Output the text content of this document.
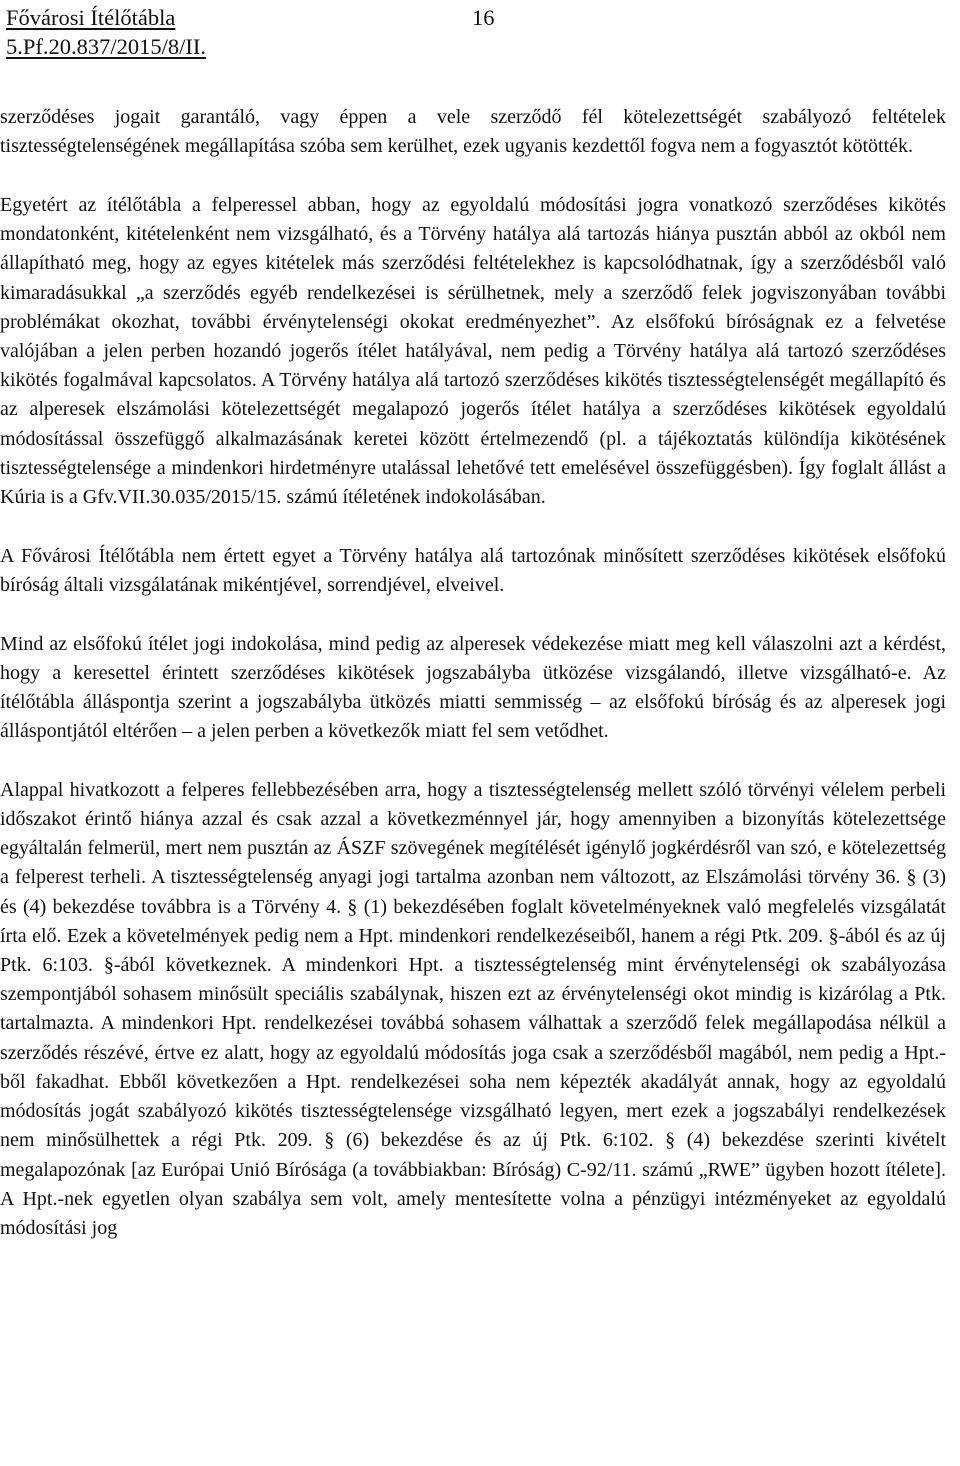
Fővárosi Ítélőtábla	16
5.Pf.20.837/2015/8/II.

szerződéses jogait garantáló, vagy éppen a vele szerződő fél kötelezettségét szabályozó feltételek tisztességtelenségének megállapítása szóba sem kerülhet, ezek ugyanis kezdettől fogva nem a fogyasztót kötötték.

Egyetért az ítélőtábla a felperessel abban, hogy az egyoldalú módosítási jogra vonatkozó szerződéses kikötés mondatonként, kitételenként nem vizsgálható, és a Törvény hatálya alá tartozás hiánya pusztán abból az okból nem állapítható meg, hogy az egyes kitételek más szerződési feltételekhez is kapcsolódhatnak, így a szerződésből való kimaradásukkal „a szerződés egyéb rendelkezései is sérülhetnek, mely a szerződő felek jogviszonyában további problémákat okozhat, további érvénytelenségi okokat eredményezhet”. Az elsőfokú bíróságnak ez a felvetése valójában a jelen perben hozandó jogerős ítélet hatályával, nem pedig a Törvény hatálya alá tartozó szerződéses kikötés fogalmával kapcsolatos. A Törvény hatálya alá tartozó szerződéses kikötés tisztességtelenségét megállapító és az alperesek elszámolási kötelezettségét megalapozó jogerős ítélet hatálya a szerződéses kikötések egyoldalú módosítással összefüggő alkalmazásának keretei között értelmezendő (pl. a tájékoztatás különdíja kikötésének tisztességtelensége a mindenkori hirdetményre utalással lehetővé tett emelésével összefüggésben). Így foglalt állást a Kúria is a Gfv.VII.30.035/2015/15. számú ítéletének indokolásában.

A Fővárosi Ítélőtábla nem értett egyet a Törvény hatálya alá tartozónak minősített szerződéses kikötések elsőfokú bíróság általi vizsgálatának mikéntjével, sorrendjével, elveivel.

Mind az elsőfokú ítélet jogi indokolása, mind pedig az alperesek védekezése miatt meg kell válaszolni azt a kérdést, hogy a keresettel érintett szerződéses kikötések jogszabályba ütközése vizsgálandó, illetve vizsgálható-e. Az ítélőtábla álláspontja szerint a jogszabályba ütközés miatti semmisség – az elsőfokú bíróság és az alperesek jogi álláspontjától eltérően – a jelen perben a következők miatt fel sem vetődhet.

Alappal hivatkozott a felperes fellebbezésében arra, hogy a tisztességtelenség mellett szóló törvényi vélelem perbeli időszakot érintő hiánya azzal és csak azzal a következménnyel jár, hogy amennyiben a bizonyítás kötelezettsége egyáltalán felmerül, mert nem pusztán az ÁSZF szövegének megítélését igénylő jogkérdésről van szó, e kötelezettség a felperest terheli. A tisztességtelenség anyagi jogi tartalma azonban nem változott, az Elszámolási törvény 36. § (3) és (4) bekezdése továbbra is a Törvény 4. § (1) bekezdésében foglalt követelményeknek való megfelelés vizsgálatát írta elő. Ezek a követelmények pedig nem a Hpt. mindenkori rendelkezéseiből, hanem a régi Ptk. 209. §-ából és az új Ptk. 6:103. §-ából következnek. A mindenkori Hpt. a tisztességtelenség mint érvénytelenségi ok szabályozása szempontjából sohasem minősült speciális szabálynak, hiszen ezt az érvénytelenségi okot mindig is kizárólag a Ptk. tartalmazta. A mindenkori Hpt. rendelkezései továbbá sohasem válhattak a szerződő felek megállapodása nélkül a szerződés részévé, értve ez alatt, hogy az egyoldalú módosítás joga csak a szerződésből magából, nem pedig a Hpt.-ből fakadhat. Ebből következően a Hpt. rendelkezései soha nem képezték akadályát annak, hogy az egyoldalú módosítás jogát szabályozó kikötés tisztességtelensége vizsgálható legyen, mert ezek a jogszabályi rendelkezések nem minősülhettek a régi Ptk. 209. § (6) bekezdése és az új Ptk. 6:102. § (4) bekezdése szerinti kivételt megalapozónak [az Európai Unió Bírósága (a továbbiakban: Bíróság) C-92/11. számú „RWE” ügyben hozott ítélete]. A Hpt.-nek egyetlen olyan szabálya sem volt, amely mentesítette volna a pénzügyi intézményeket az egyoldalú módosítási jog
